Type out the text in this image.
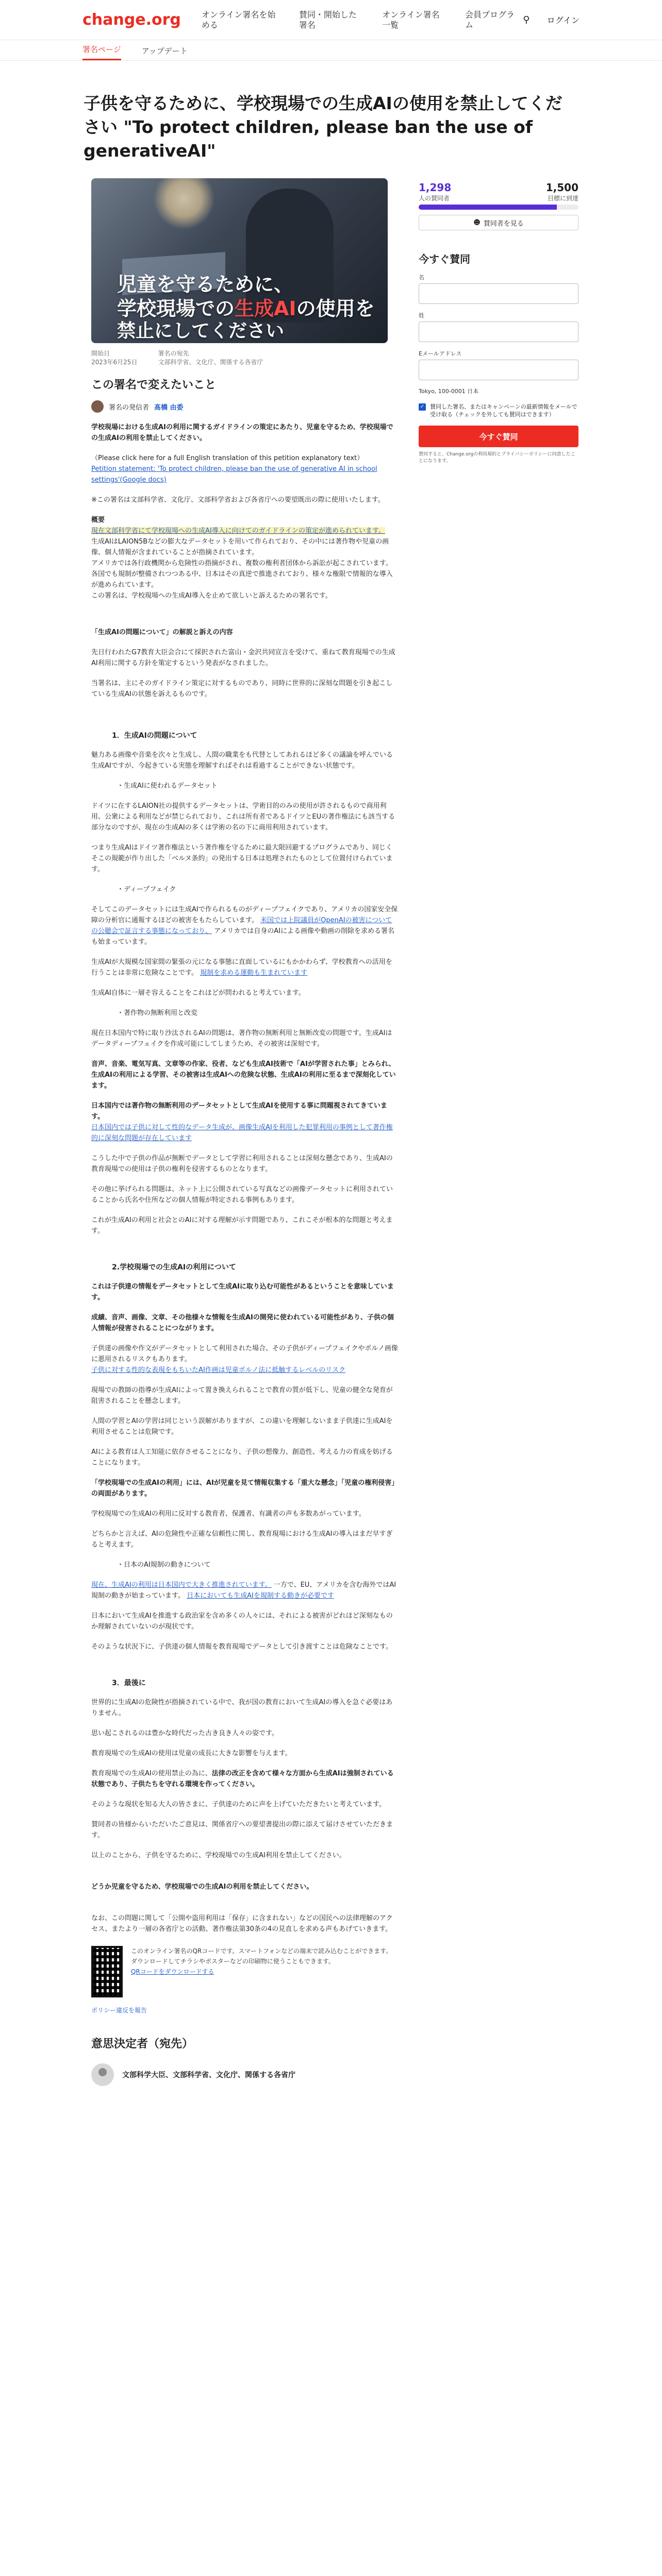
change.org	オンライン署名を始める
賛同・開始した署名
オンライン署名一覧
会員プログラム	⚲	ログイン
署名ページ	アップデート
子供を守るために、学校現場での生成AIの使用を禁止してください "To protect children, please ban the use of generativeAI"
児童を守るために、
学校現場での生成AIの使用を
禁止にしてください
開始日
2023年6月25日
署名の宛先
文部科学省、文化庁、関係する各省庁
この署名で変えたいこと
署名の発信者 髙橋 由委

学校現場における生成AIの利用に関するガイドラインの策定にあたり、児童を守るため、学校現場での生成AIの利用を禁止してください。

（Please click here for a full English translation of this petition explanatory text）
Petition statement: 'To protect children, please ban the use of generative AI in school settings'(Google docs)

※この署名は文部科学省、文化庁、文部科学省および各省庁への要望既出の際に使用いたします。

概要
現在文部科学省にて学校現場への生成AI導入に向けてのガイドラインの策定が進められています。
生成AIはLAION5Bなどの膨大なデータセットを用いて作られており、その中には著作物や児童の画像、個人情報が含まれていることが指摘されています。
アメリカでは各行政機関から危険性の指摘がされ、複数の権利者団体から訴訟が起こされています。各国でも規制が整備されつつある中、日本はその真逆で推進されており、様々な権限で情報的な導入が進められています。
この署名は、学校現場への生成AI導入を止めて欲しいと訴えるための署名です。

「生成AIの問題について」の解説と訴えの内容

先日行われたG7教育大臣会合にて採択された富山・金沢共同宣言を受けて、重ねて教育現場での生成AI利用に関する方針を策定するという発表がなされました。

当署名は、主にそのガイドライン策定に対するものであり、同時に世界的に深刻な問題を引き起こしている生成AIの状態を訴えるものです。

1．生成AIの問題について

魅力ある画像や音楽を次々と生成し、人間の職業をも代替としてあれるほど多くの議論を呼んでいる生成AIですが、今起きている実態を理解すればそれは看過することができない状態です。

・生成AIに使われるデータセット

ドイツに在するLAION社の提供するデータセットは、学術目的のみの使用が許されるもので商用利用、公衆による利用などが禁じられており、これは所有者であるドイツとEUの著作権法にも該当する部分なのですが、現在の生成AIの多くは学術の名の下に商用利用されています。

つまり生成AIはドイツ著作権法という著作権を守るために最大限回避するプログラムであり、同じくそこの規範が作り出した「ベルヌ条約」の発出する日本は処理されたものとして位置付けられています。

・ディープフェイク

そしてこのデータセットには生成AIで作られるものがディープフェイクであり、アメリカの国家安全保障の分析官に通報するほどの被害をもたらしています。 米国では上院議員がOpenAIの被害についての公聴会で証言する事態になっており、 アメリカでは自身のAIによる画像や動画の削除を求める署名も始まっています。

生成AIが大規模な国家間の緊張の元になる事態に直面しているにもかかわらず、学校教育への活用を行うことは非常に危険なことです。 規制を求める運動も生まれています

生成AI自体に一層そ容えることをこれほどが問われると考えています。

・著作物の無断利用と改変

現在日本国内で特に取り沙汰されるAIの問題は、著作物の無断利用と無断改変の問題です。生成AIはデータディープフェイクを作成可能にしてしまうため、その被害は深刻です。

音声、音楽、電気写真、文章等の作家、役者、なども生成AI技術で「AIが学習された事」とみられ、生成AIの利用による学習、その被害は生成AIへの危険な状態、生成AIの利用に至るまで深刻化しています。

日本国内では著作物の無断利用のデータセットとして生成AIを使用する事に問題視されてきています。
日本国内では子供に対して性的なデータ生成が、画像生成AIを利用した犯罪利用の事例として著作権的に深刻な問題が存在しています

こうした中で子供の作品が無断でデータとして学習に利用されることは深刻な懸念であり、生成AIの教育現場での使用は子供の権利を侵害するものとなります。

その他に挙げられる問題は、ネット上に公開されている写真などの画像データセットに利用されていることから氏名や住所などの個人情報が特定される事例もあります。

これが生成AIの利用と社会とのAIに対する理解が示す問題であり、これこそが根本的な問題と考えます。

2.学校現場での生成AIの利用について

これは子供達の情報をデータセットとして生成AIに取り込む可能性があるということを意味しています。

成績、音声、画像、文章、その他様々な情報を生成AIの開発に使われている可能性があり、子供の個人情報が侵害されることにつながります。

子供達の画像や作文がデータセットとして利用された場合、その子供がディープフェイクやポルノ画像に悪用されるリスクもあります。
子供に対する性的な表現をもちいたAI作画は児童ポルノ法に抵触するレベルのリスク

現場での教師の指導が生成AIによって置き換えられることで教育の質が低下し、児童の健全な発育が阻害されることを懸念します。

人間の学習とAIの学習は同じという誤解がありますが、この違いを理解しないまま子供達に生成AIを利用させることは危険です。

AIによる教育は人工知能に依存させることになり、子供の想像力、創造性、考える力の育成を妨げることになります。

「学校現場での生成AIの利用」には、AIが児童を見て情報収集する「重大な懸念」「児童の権利侵害」の両面があります。

学校現場での生成AIの利用に反対する教育者、保護者、有識者の声も多数あがっています。

どちらかと言えば、AIの危険性や正確な信頼性に関し、教育現場における生成AIの導入はまだ早すぎると考えます。

・日本のAI規制の動きについて

現在、生成AIの利用は日本国内で大きく推進されています。 一方で、EU、アメリカを含む海外ではAI規制の動きが始まっています。 日本においても生成AIを規制する動きが必要です

日本において生成AIを推進する政治家を含め多くの人々には、それによる被害がどれほど深刻なものか理解されていないのが現状です。

そのような状況下に、子供達の個人情報を教育現場でデータとして引き渡すことは危険なことです。

3．最後に

世界的に生成AIの危険性が指摘されている中で、我が国の教育において生成AIの導入を急ぐ必要はありません。

思い起こされるのは豊かな時代だった古き良き人々の姿です。

教育現場での生成AIの使用は児童の成長に大きな影響を与えます。

教育現場での生成AIの使用禁止の為に、法律の改正を含めて様々な方面から生成AIは強制されている状態であり、子供たちを守れる環境を作ってください。

そのような現状を知る大人の皆さまに、子供達のために声を上げていただきたいと考えています。

賛同者の皆様からいただいたご意見は、関係省庁への要望書提出の際に添えて届けさせていただきます。

以上のことから、子供を守るために、学校現場での生成AI利用を禁止してください。

どうか児童を守るため、学校現場での生成AIの利用を禁止してください。

なお、この問題に関して「公開や盗用利用は「保存」に含まれない」などの国民への法律理解のアクセス、またより一層の各省庁との活動、著作権法第30条の4の見直しを求める声もあげていきます。

このオンライン署名のQRコードです。スマートフォンなどの端末で読み込むことができます。ダウンロードしてチラシやポスターなどの印刷物に使うこともできます。
QRコードをダウンロードする
ポリシー違反を報告
意思決定者（宛先）
文部科学大臣、文部科学省、文化庁、関係する各省庁
1,298
人の賛同者
1,500
目標に到達
☻ 賛同者を見る
今すぐ賛同
名
姓
Eメールアドレス
Tokyo, 100-0001 日本
✓ 賛同した署名、またはキャンペーンの最新情報をメールで受け取る（チェックを外しても賛同はできます）
今すぐ賛同
賛同すると、Change.orgの利用規約とプライバシーポリシーに同意したことになります。
